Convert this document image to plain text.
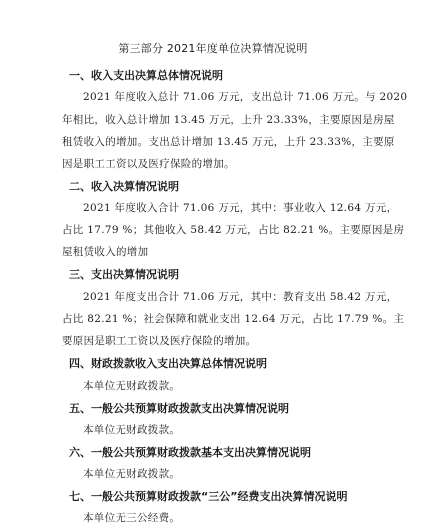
第三部分 2021年度单位决算情况说明
一、收入支出决算总体情况说明
2021 年度收入总计 71.06 万元，支出总计 71.06 万元。与 2020
年相比，收入总计增加 13.45 万元，上升 23.33%，主要原因是房屋
租赁收入的增加。支出总计增加 13.45 万元，上升 23.33%，主要原
因是职工工资以及医疗保险的增加。
二、收入决算情况说明
2021 年度收入合计 71.06 万元，其中：事业收入 12.64 万元，
占比 17.79 %；其他收入 58.42 万元，占比 82.21 %。主要原因是房
屋租赁收入的增加
三、支出决算情况说明
2021 年度支出合计 71.06 万元，其中：教育支出 58.42 万元，
占比 82.21 %；社会保障和就业支出 12.64 万元，占比 17.79 %。主
要原因是职工工资以及医疗保险的增加。
四、财政拨款收入支出决算总体情况说明
本单位无财政拨款。
五、一般公共预算财政拨款支出决算情况说明
本单位无财政拨款。
六、一般公共预算财政拨款基本支出决算情况说明
本单位无财政拨款。
七、一般公共预算财政拨款“三公”经费支出决算情况说明
本单位无三公经费。
